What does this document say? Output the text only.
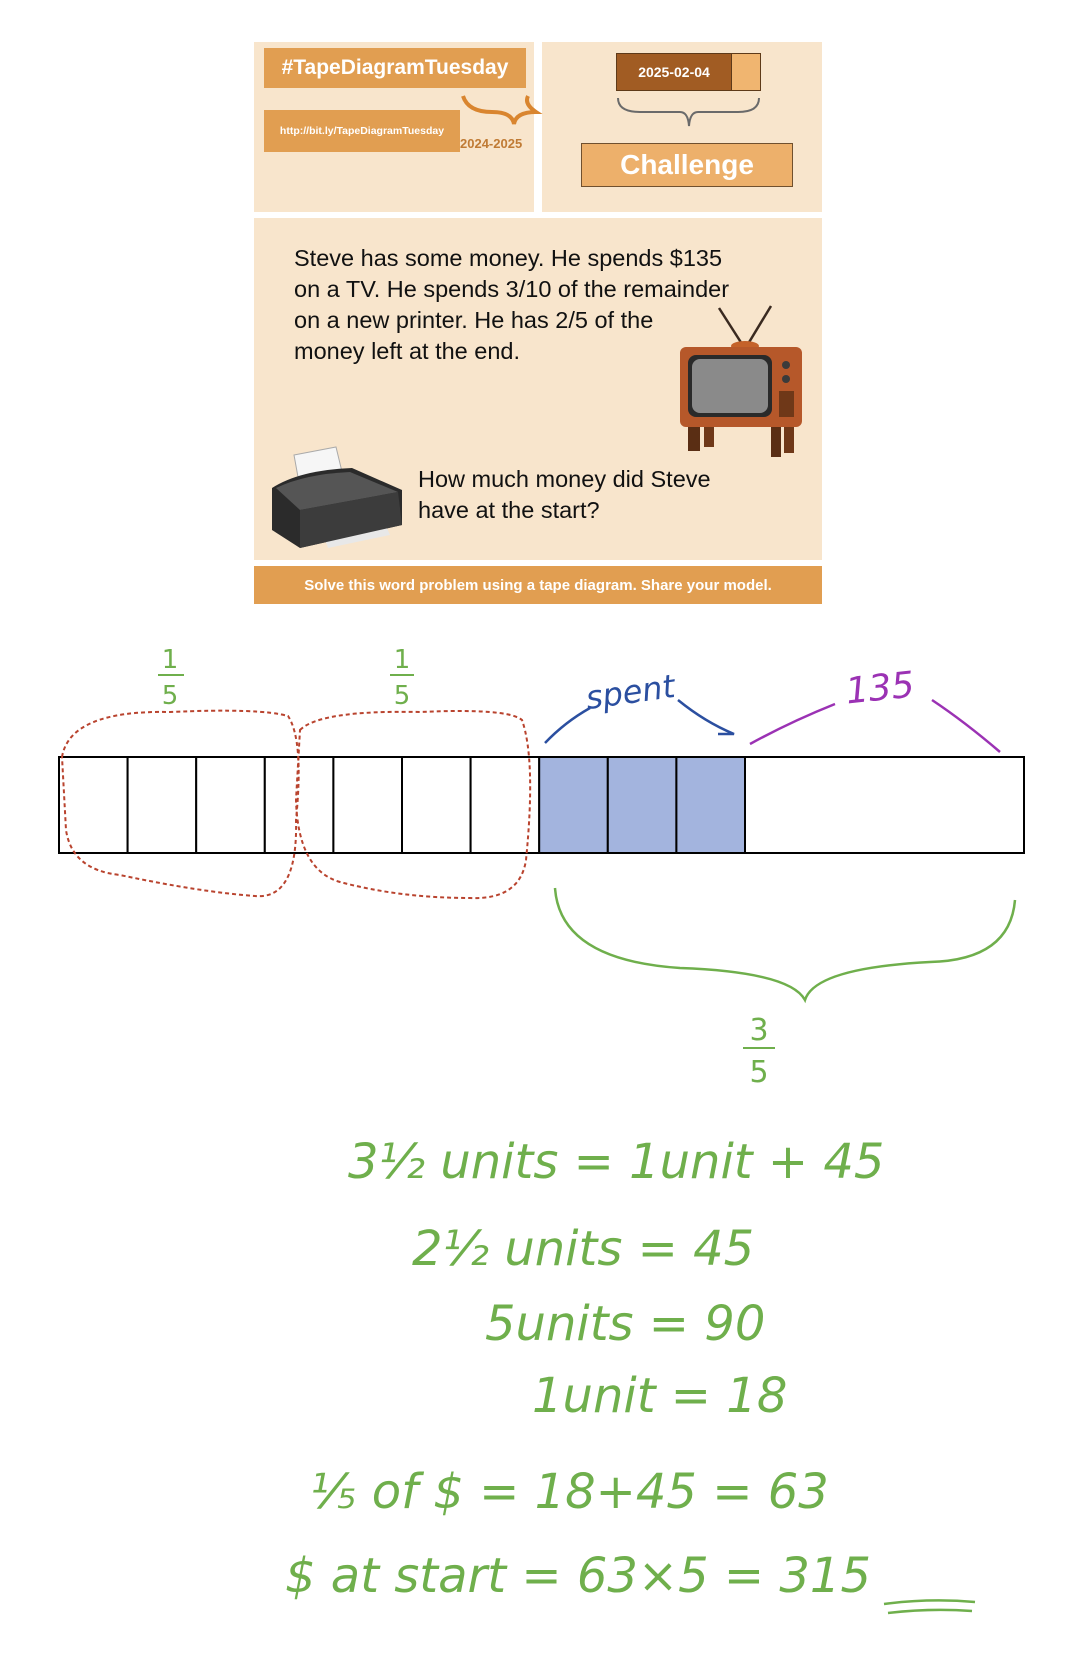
#TapeDiagramTuesday
http://bit.ly/TapeDiagramTuesday
2024-2025
2025-02-04
Challenge
Steve has some money. He spends $135
on a TV. He spends 3/10 of the remainder
on a new printer. He has 2/5 of the
money left at the end.
How much money did Steve
have at the start?
Solve this word problem using a tape diagram. Share your model.
1
5
1
5	spent	135
3
5
3½ units = 1unit + 45
2½ units = 45
5units = 90
1unit = 18
⅕ of $ = 18+45 = 63
$ at start = 63×5 = 315
